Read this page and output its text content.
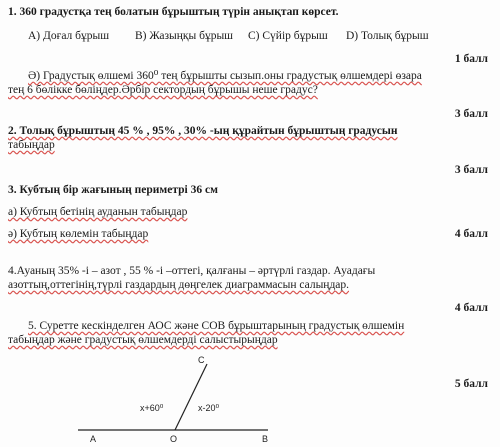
1. 360 градустқа тең болатын бұрыштың түрін анықтап көрсет.
A) Доғал бұрыш B) Жазыңқы бұрыш C) Сүйір бұрыш D) Толық бұрыш
1 балл
Ә) Градустық өлшемі 360⁰ тең бұрышты сызып.оны градустық өлшемдері өзара
тең 6 бөлікке бөліңдер.Әрбір сектордың бұрышы неше градус?
3 балл
2. Толық бұрыштың 45 % , 95% , 30% -ың құрайтын бұрыштың градусын
табыңдар
3 балл
3. Кубтың бір жағының периметрі 36 см
а) Кубтың бетінің ауданын табыңдар
ә) Кубтың көлемін табыңдар	4 балл
4.Ауаның 35% -і – азот , 55 % -і –оттегі, қалғаны – әртүрлі газдар. Ауадағы
азоттың,оттегінің,түрлі газдардың дөңгелек диаграммасын салыңдар.
4 балл
5. Суретте кескінделген АОС және СОВ бұрыштарының градустық өлшемін
табыңдар және градустық өлшемдерді салыстырыңдар
5 балл
C
A	O	B
x+60⁰	x-20⁰
